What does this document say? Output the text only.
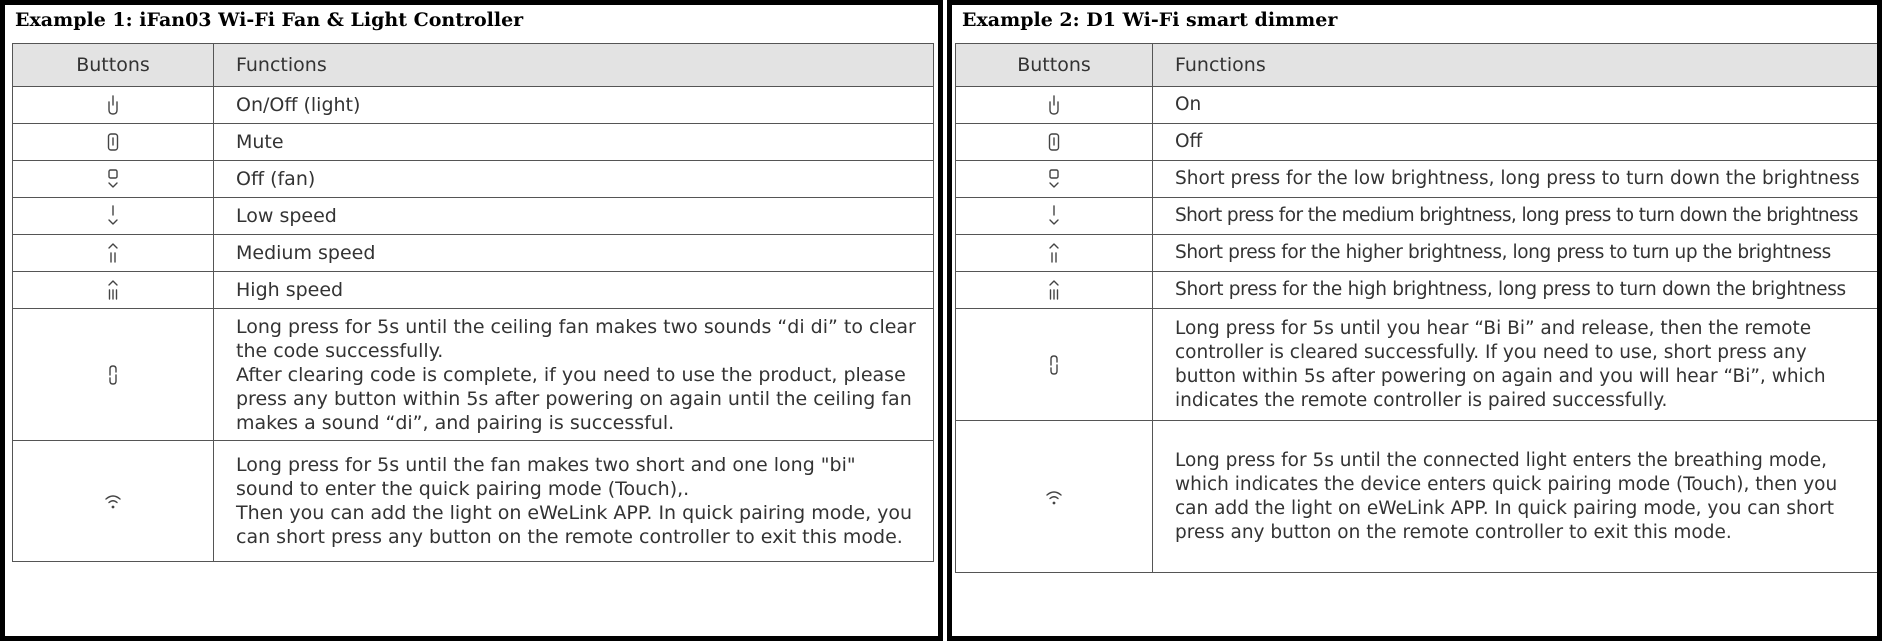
Example 1: iFan03 Wi-Fi Fan & Light Controller
Buttons	Functions

	On/Off (light)

	Mute

	Off (fan)

	Low speed

	Medium speed

	High speed

	Long press for 5s until the ceiling fan makes two sounds “di di” to clear the code successfully.
After clearing code is complete, if you need to use the product, please press any button within 5s after powering on again until the ceiling fan makes a sound “di”, and pairing is successful.

	Long press for 5s until the fan makes two short and one long "bi" sound to enter the quick pairing mode (Touch),.
Then you can add the light on eWeLink APP. In quick pairing mode, you can short press any button on the remote controller to exit this mode.
Example 2: D1 Wi-Fi smart dimmer
Buttons	Functions

	On

	Off

	Short press for the low brightness, long press to turn down the brightness

	Short press for the medium brightness, long press to turn down the brightness

	Short press for the higher brightness, long press to turn up the brightness

	Short press for the high brightness, long press to turn down the brightness

	Long press for 5s until you hear “Bi Bi” and release, then the remote controller is cleared successfully. If you need to use, short press any button within 5s after powering on again and you will hear “Bi”, which indicates the remote controller is paired successfully.

	Long press for 5s until the connected light enters the breathing mode, which indicates the device enters quick pairing mode (Touch), then you can add the light on eWeLink APP. In quick pairing mode, you can short press any button on the remote controller to exit this mode.
